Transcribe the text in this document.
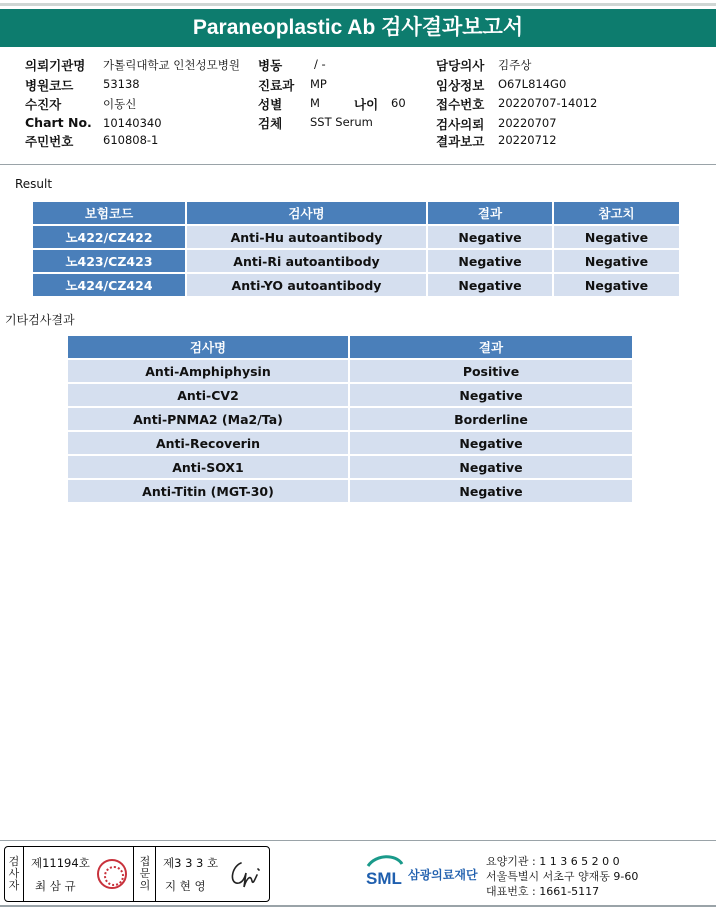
Paraneoplastic Ab 검사결과보고서
의뢰기관명 가톨릭대학교 인천성모병원
병원코드	53138
수진자	이동신
Chart No. 10140340
주민번호	610808-1
병동	/ -
진료과 MP
성별 M	나이 60
검체 SST Serum
담당의사 김주상
임상정보 O67L814G0
접수번호 20220707-14012
검사의뢰 20220707
결과보고 20220712
Result
보험코드	검사명	결과	참고치
노422/CZ422	Anti-Hu autoantibody	Negative	Negative
노423/CZ423	Anti-Ri autoantibody	Negative	Negative
노424/CZ424	Anti-YO autoantibody	Negative	Negative
기타검사결과
검사명	결과
Anti-Amphiphysin	Positive
Anti-CV2	Negative
Anti-PNMA2 (Ma2/Ta)	Borderline
Anti-Recoverin	Negative
Anti-SOX1	Negative
Anti-Titin (MGT-30)	Negative
검
사
자
제11194호
최 삼 규
접
문
의
제3 3 3 호
지 현 영	SML 삼광의료재단
요양기관 : 1 1 3 6 5 2 0 0
서울특별시 서초구 양재동 9-60
대표번호 : 1661-5117
